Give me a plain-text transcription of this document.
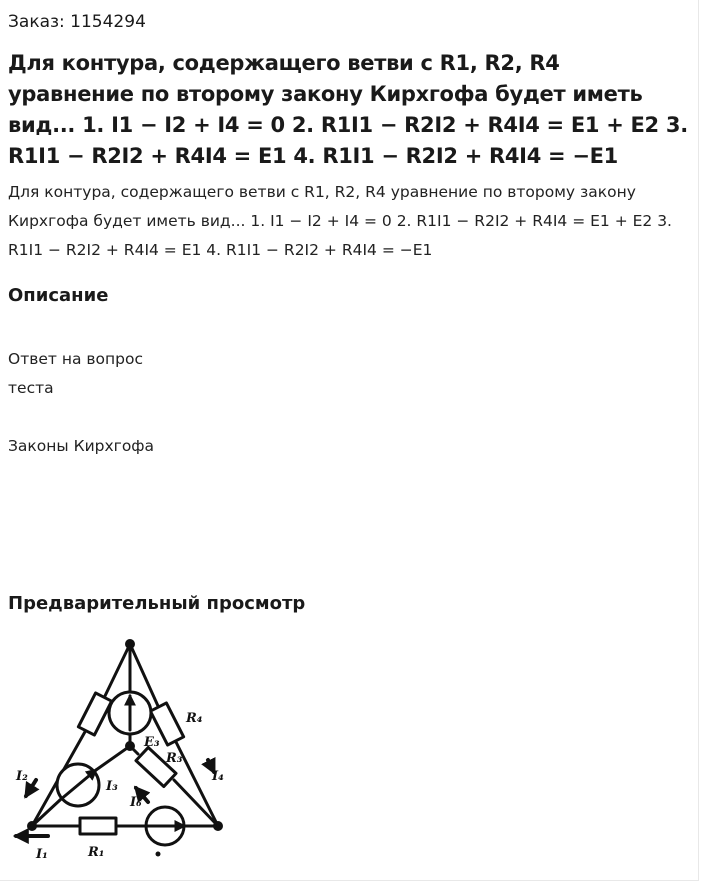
Заказ: 1154294
Для контура, содержащего ветви с R1, R2, R4 уравнение по второму закону Кирхгофа будет иметь вид... 1. I1 − I2 + I4 = 0 2. R1I1 − R2I2 + R4I4 = E1 + E2 3. R1I1 − R2I2 + R4I4 = E1 4. R1I1 − R2I2 + R4I4 = −E1

Для контура, содержащего ветви с R1, R2, R4 уравнение по второму закону Кирхгофа будет иметь вид... 1. I1 − I2 + I4 = 0 2. R1I1 − R2I2 + R4I4 = E1 + E2 3. R1I1 − R2I2 + R4I4 = E1 4. R1I1 − R2I2 + R4I4 = −E1

Описание
Ответ на вопрос
теста
Законы Кирхгофа
Предварительный просмотр
R₄
R₃
R₁
E₃
I₃
I₆
I₂	I₄
I₁
